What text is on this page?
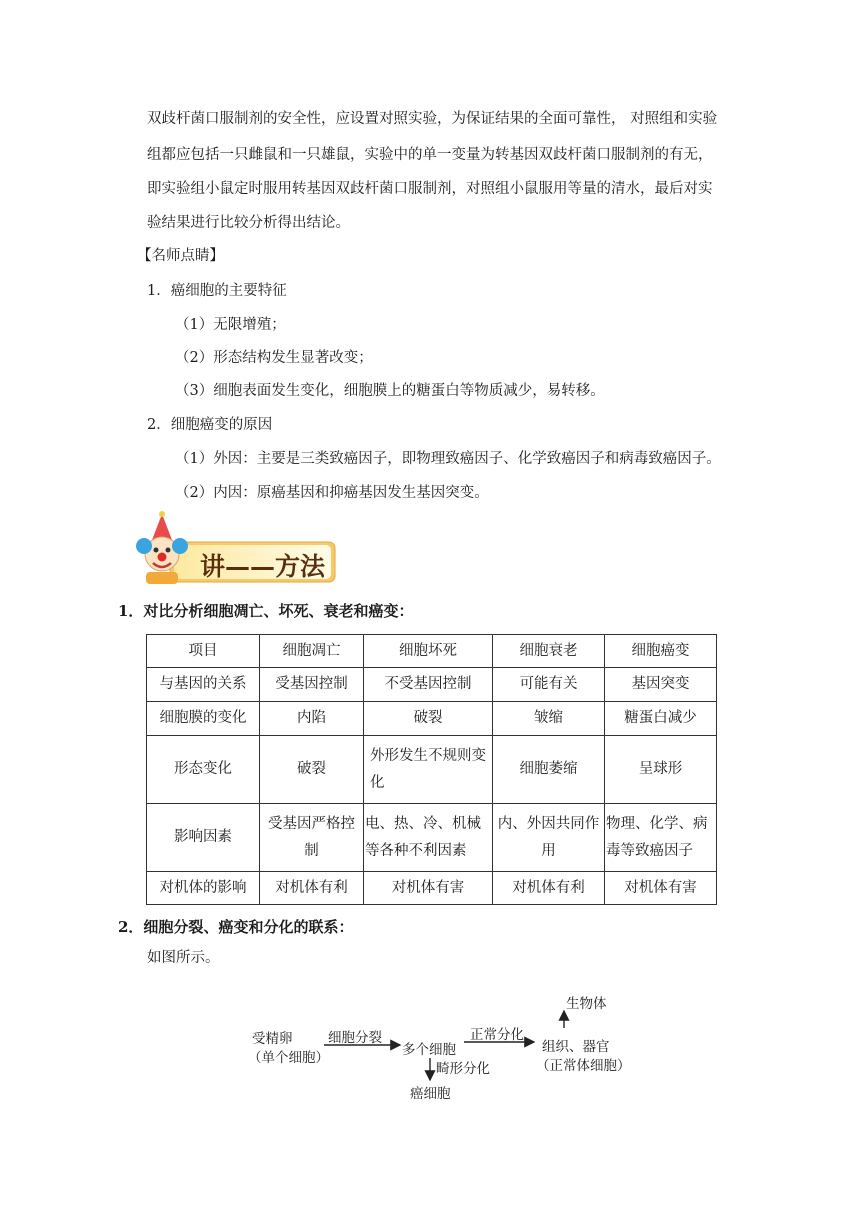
双歧杆菌口服制剂的安全性，应设置对照实验，为保证结果的全面可靠性， 对照组和实验
组都应包括一只雌鼠和一只雄鼠，实验中的单一变量为转基因双歧杆菌口服制剂的有无，
即实验组小鼠定时服用转基因双歧杆菌口服制剂，对照组小鼠服用等量的清水，最后对实
验结果进行比较分析得出结论。
【名师点睛】
1．癌细胞的主要特征
（1）无限增殖；
（2）形态结构发生显著改变；
（3）细胞表面发生变化，细胞膜上的糖蛋白等物质减少，易转移。
2．细胞癌变的原因
（1）外因：主要是三类致癌因子，即物理致癌因子、化学致癌因子和病毒致癌因子。
（2）内因：原癌基因和抑癌基因发生基因突变。
讲——方法
1．对比分析细胞凋亡、坏死、衰老和癌变：
项目	细胞凋亡	细胞坏死	细胞衰老	细胞癌变
与基因的关系	受基因控制	不受基因控制	可能有关	基因突变
细胞膜的变化	内陷	破裂	皱缩	糖蛋白减少
形态变化	破裂	外形发生不规则变化	细胞萎缩	呈球形
影响因素	受基因严格控制	电、热、冷、机械等各种不利因素	内、外因共同作用	物理、化学、病毒等致癌因子
对机体的影响	对机体有利	对机体有害	对机体有利	对机体有害
2．细胞分裂、癌变和分化的联系：
如图所示。
受精卵
（单个细胞）
细胞分裂
多个细胞
正常分化
组织、器官
（正常体细胞）
生物体
畸形分化
癌细胞
